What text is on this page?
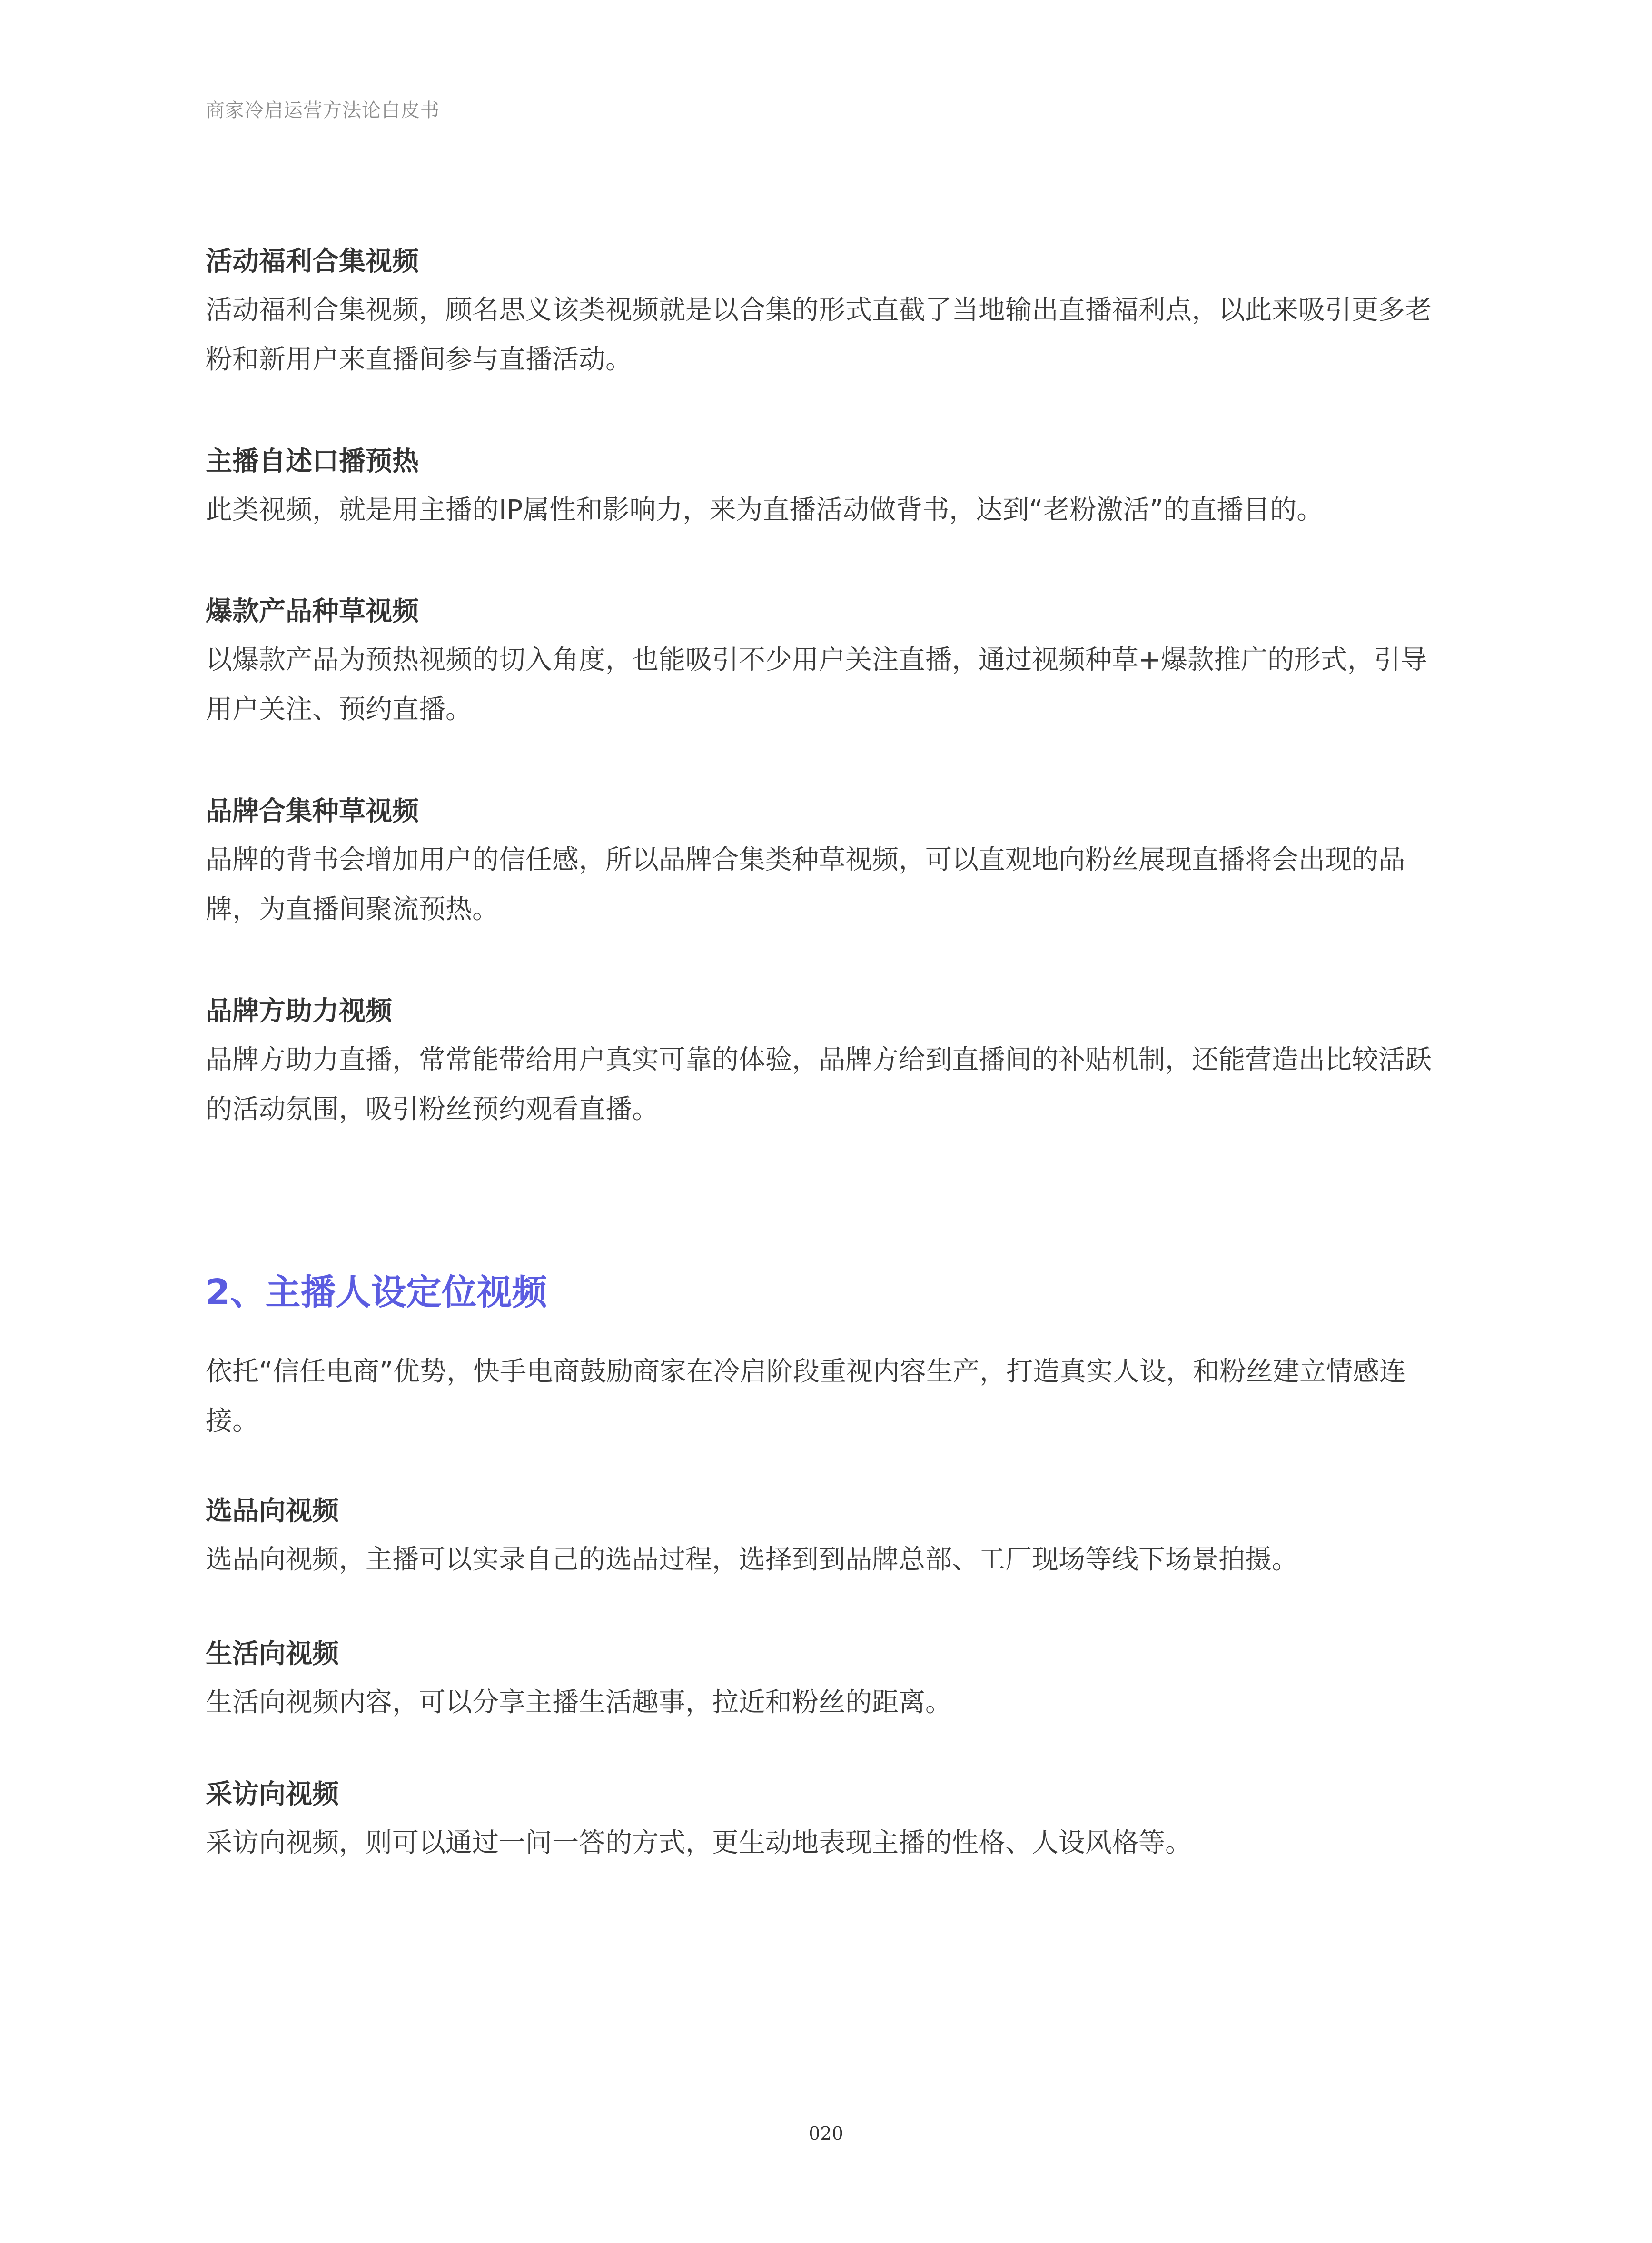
商家冷启运营方法论白皮书

活动福利合集视频

活动福利合集视频，顾名思义该类视频就是以合集的形式直截了当地输出直播福利点，以此来吸引更多老粉和新用户来直播间参与直播活动。

主播自述口播预热

此类视频，就是用主播的IP属性和影响力，来为直播活动做背书，达到“老粉激活”的直播目的。

爆款产品种草视频

以爆款产品为预热视频的切入角度，也能吸引不少用户关注直播，通过视频种草+爆款推广的形式，引导用户关注、预约直播。

品牌合集种草视频

品牌的背书会增加用户的信任感，所以品牌合集类种草视频，可以直观地向粉丝展现直播将会出现的品牌，为直播间聚流预热。

品牌方助力视频

品牌方助力直播，常常能带给用户真实可靠的体验，品牌方给到直播间的补贴机制，还能营造出比较活跃的活动氛围，吸引粉丝预约观看直播。

2、主播人设定位视频

依托“信任电商”优势，快手电商鼓励商家在冷启阶段重视内容生产，打造真实人设，和粉丝建立情感连接。

选品向视频

选品向视频，主播可以实录自己的选品过程，选择到到品牌总部、工厂现场等线下场景拍摄。

生活向视频

生活向视频内容，可以分享主播生活趣事，拉近和粉丝的距离。

采访向视频

采访向视频，则可以通过一问一答的方式，更生动地表现主播的性格、人设风格等。

020
